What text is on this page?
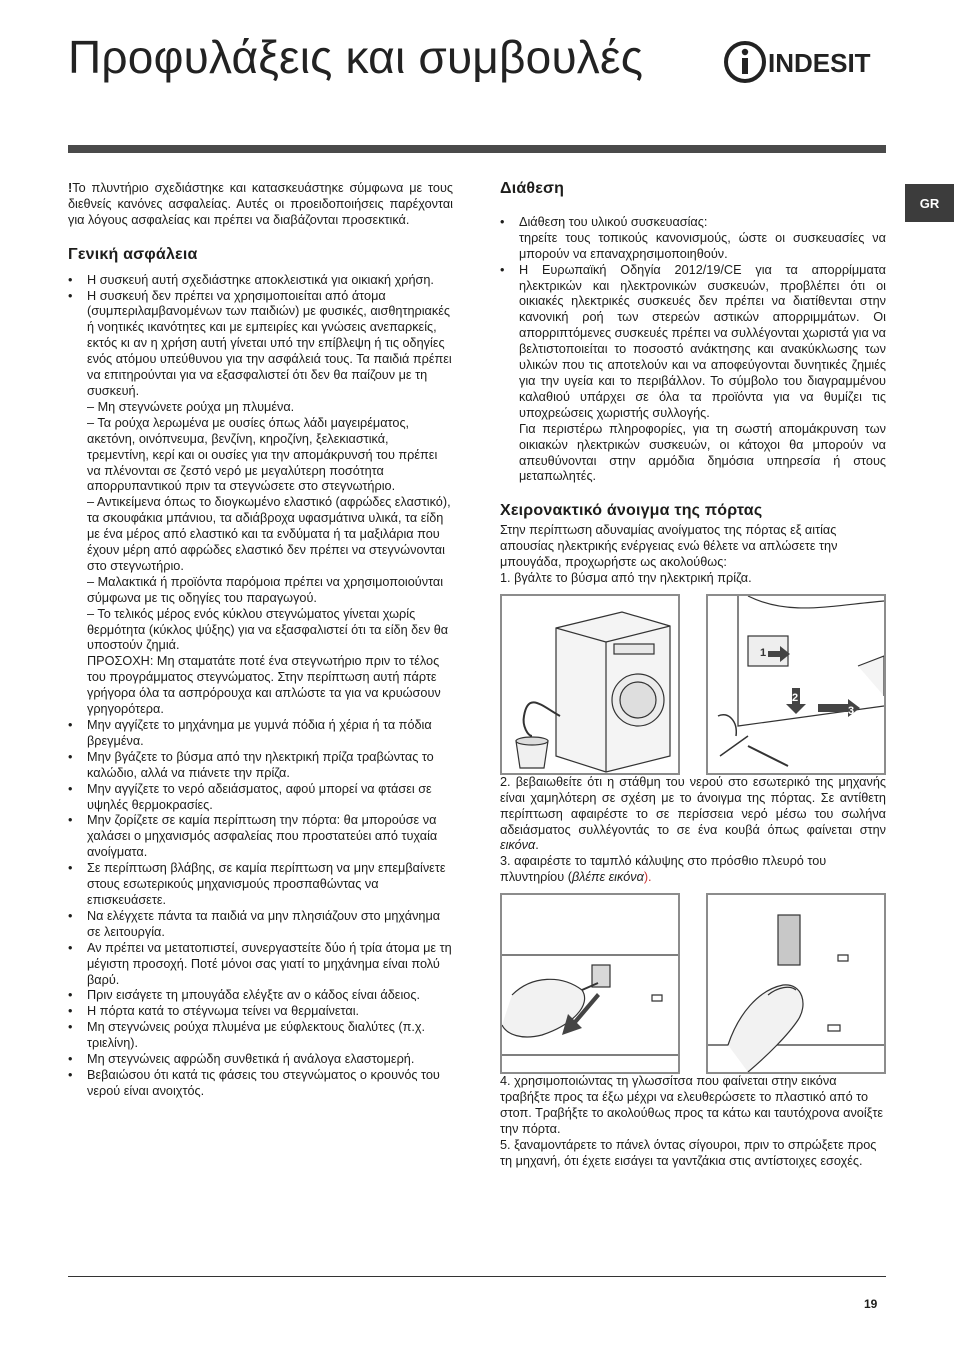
Προφυλάξεις και συμβουλές	INDESIT
GR

!Το πλυντήριο σχεδιάστηκε και κατασκευάστηκε σύμφωνα με τους διεθνείς κανόνες ασφαλείας. Αυτές οι προειδοποιήσεις παρέχονται για λόγους ασφαλείας και πρέπει να διαβάζονται προσεκτικά.

Γενική ασφάλεια
• Η συσκευή αυτή σχεδιάστηκε αποκλειστικά για οικιακή χρήση.
• Η συσκευή δεν πρέπει να χρησιμοποιείται από άτομα (συμπεριλαμβανομένων των παιδιών) με φυσικές, αισθητηριακές ή νοητικές ικανότητες και με εμπειρίες και γνώσεις ανεπαρκείς, εκτός κι αν η χρήση αυτή γίνεται υπό την επίβλεψη ή τις οδηγίες ενός ατόμου υπεύθυνου για την ασφάλειά τους. Τα παιδιά πρέπει να επιτηρούνται για να εξασφαλιστεί ότι δεν θα παίζουν με τη συσκευή.
– Μη στεγνώνετε ρούχα μη πλυμένα.
– Τα ρούχα λερωμένα με ουσίες όπως λάδι μαγειρέματος, ακετόνη, οινόπνευμα, βενζίνη, κηροζίνη, ξελεκιαστικά, τρεμεντίνη, κερί και οι ουσίες για την απομάκρυνσή του πρέπει να πλένονται σε ζεστό νερό με μεγαλύτερη ποσότητα απορρυπαντικού πριν τα στεγνώσετε στο στεγνωτήριο.
– Αντικείμενα όπως το διογκωμένο ελαστικό (αφρώδες ελαστικό), τα σκουφάκια μπάνιου, τα αδιάβροχα υφασμάτινα υλικά, τα είδη με ένα μέρος από ελαστικό και τα ενδύματα ή τα μαξιλάρια που έχουν μέρη από αφρώδες ελαστικό δεν πρέπει να στεγνώνονται στο στεγνωτήριο.
– Μαλακτικά ή προϊόντα παρόμοια πρέπει να χρησιμοποιούνται σύμφωνα με τις οδηγίες του παραγωγού.
– Το τελικός μέρος ενός κύκλου στεγνώματος γίνεται χωρίς θερμότητα (κύκλος ψύξης) για να εξασφαλιστεί ότι τα είδη δεν θα υποστούν ζημιά.
ΠΡΟΣΟΧΗ: Μη σταματάτε ποτέ ένα στεγνωτήριο πριν το τέλος του προγράμματος στεγνώματος. Στην περίπτωση αυτή πάρτε γρήγορα όλα τα ασπρόρουχα και απλώστε τα για να κρυώσουν γρηγορότερα.
• Μην αγγίζετε το μηχάνημα με γυμνά πόδια ή χέρια ή τα πόδια βρεγμένα.
• Μην βγάζετε το βύσμα από την ηλεκτρική πρίζα τραβώντας το καλώδιο, αλλά να πιάνετε την πρίζα.
• Μην αγγίζετε το νερό αδειάσματος, αφού μπορεί να φτάσει σε υψηλές θερμοκρασίες.
• Μην ζορίζετε σε καμία περίπτωση την πόρτα: θα μπορούσε να χαλάσει ο μηχανισμός ασφαλείας που προστατεύει από τυχαία ανοίγματα.
• Σε περίπτωση βλάβης, σε καμία περίπτωση να μην επεμβαίνετε στους εσωτερικούς μηχανισμούς προσπαθώντας να επισκευάσετε.
• Να ελέγχετε πάντα τα παιδιά να μην πλησιάζουν στο μηχάνημα σε λειτουργία.
• Αν πρέπει να μετατοπιστεί, συνεργαστείτε δύο ή τρία άτομα με τη μέγιστη προσοχή. Ποτέ μόνοι σας γιατί το μηχάνημα είναι πολύ βαρύ.
• Πριν εισάγετε τη μπουγάδα ελέγξτε αν ο κάδος είναι άδειος.
• Η πόρτα κατά το στέγνωμα τείνει να θερμαίνεται.
• Μη στεγνώνεις ρούχα πλυμένα με εύφλεκτους διαλύτες (π.χ. τριελίνη).
• Μη στεγνώνεις αφρώδη συνθετικά ή ανάλογα ελαστομερή.
• Βεβαιώσου ότι κατά τις φάσεις του στεγνώματος ο κρουνός του νερού είναι ανοιχτός.
Διάθεση
• Διάθεση του υλικού συσκευασίας:
τηρείτε τους τοπικούς κανονισμούς, ώστε οι συσκευασίες να μπορούν να επαναχρησιμοποιηθούν.
• Η Ευρωπαϊκή Οδηγία 2012/19/CE για τα απορρίμματα ηλεκτρικών και ηλεκτρονικών συσκευών, προβλέπει ότι οι οικιακές ηλεκτρικές συσκευές δεν πρέπει να διατίθενται στην κανονική ροή των στερεών αστικών απορριμμάτων. Οι απορριπτόμενες συσκευές πρέπει να συλλέγονται χωριστά για να βελτιστοποιείται το ποσοστό ανάκτησης και ανακύκλωσης των υλικών που τις αποτελούν και να αποφεύγονται δυνητικές ζημιές για την υγεία και το περιβάλλον. Το σύμβολο του διαγραμμένου καλαθιού υπάρχει σε όλα τα προϊόντα για να θυμίζει τις υποχρεώσεις χωριστής συλλογής.
Για περιστέρω πληροφορίες, για τη σωστή απομάκρυνση των οικιακών ηλεκτρικών συσκευών, οι κάτοχοι θα μπορούν να απευθύνονται στην αρμόδια δημόσια υπηρεσία ή στους μεταπωλητές.
Χειρονακτικό άνοιγμα της πόρτας

Στην περίπτωση αδυναμίας ανοίγματος της πόρτας εξ αιτίας απουσίας ηλεκτρικής ενέργειας ενώ θέλετε να απλώσετε την μπουγάδα, προχωρήστε ως ακολούθως:

1. βγάλτε το βύσμα από την ηλεκτρική πρίζα.

1
2
3

2. βεβαιωθείτε ότι η στάθμη του νερού στο εσωτερικό της μηχανής είναι χαμηλότερη σε σχέση με το άνοιγμα της πόρτας. Σε αντίθετη περίπτωση αφαιρέστε το σε περίσσεια νερό μέσω του σωλήνα αδειάσματος συλλέγοντάς το σε ένα κουβά όπως φαίνεται στην εικόνα.

3. αφαιρέστε το ταμπλό κάλυψης στο πρόσθιο πλευρό του πλυντηρίου (βλέπε εικόνα).

4. χρησιμοποιώντας τη γλωσσίτσα που φαίνεται στην εικόνα τραβήξτε προς τα έξω μέχρι να ελευθερώσετε το πλαστικό από το στοπ. Τραβήξτε το ακολούθως προς τα κάτω και ταυτόχρονα ανοίξτε την πόρτα.

5. ξαναμοντάρετε το πάνελ όντας σίγουροι, πριν το σπρώξετε προς τη μηχανή, ότι έχετε εισάγει τα γαντζάκια στις αντίστοιχες εσοχές.

19
